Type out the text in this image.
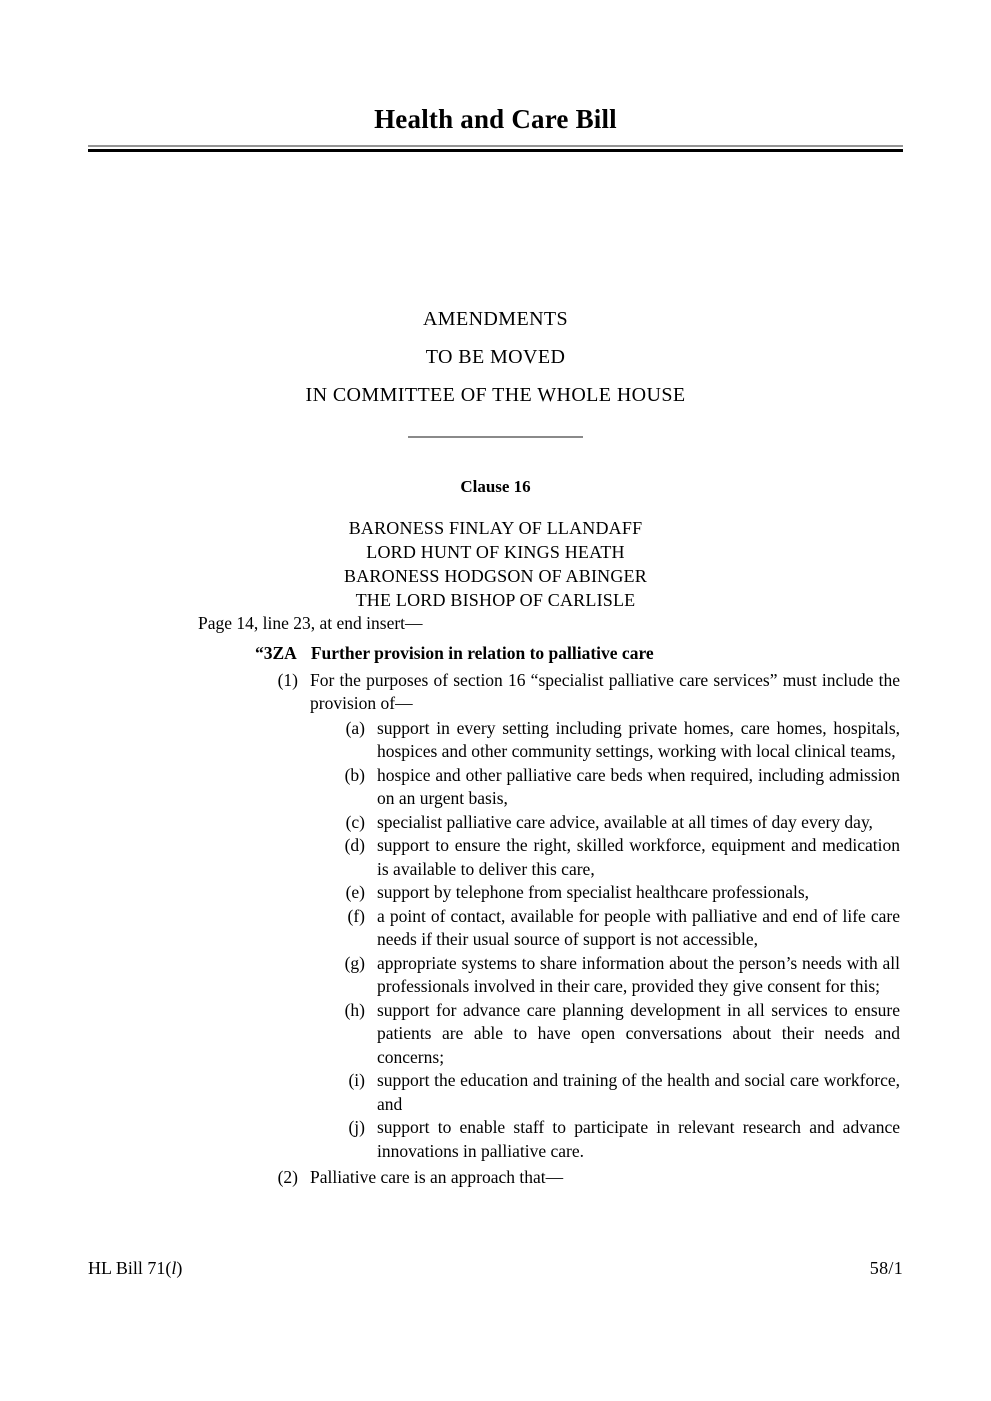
Health and Care Bill
AMENDMENTS
TO BE MOVED
IN COMMITTEE OF THE WHOLE HOUSE
Clause 16
BARONESS FINLAY OF LLANDAFF
LORD HUNT OF KINGS HEATH
BARONESS HODGSON OF ABINGER
THE LORD BISHOP OF CARLISLE
Page 14, line 23, at end insert—
“3ZA Further provision in relation to palliative care
(1) For the purposes of section 16 “specialist palliative care services” must include the provision of—
(a) support in every setting including private homes, care homes, hospitals, hospices and other community settings, working with local clinical teams,
(b) hospice and other palliative care beds when required, including admission on an urgent basis,
(c) specialist palliative care advice, available at all times of day every day,
(d) support to ensure the right, skilled workforce, equipment and medication is available to deliver this care,
(e) support by telephone from specialist healthcare professionals,
(f) a point of contact, available for people with palliative and end of life care needs if their usual source of support is not accessible,
(g) appropriate systems to share information about the person’s needs with all professionals involved in their care, provided they give consent for this;
(h) support for advance care planning development in all services to ensure patients are able to have open conversations about their needs and concerns;
(i) support the education and training of the health and social care workforce, and
(j) support to enable staff to participate in relevant research and advance innovations in palliative care.
(2) Palliative care is an approach that—
HL Bill 71(l)	58/1
